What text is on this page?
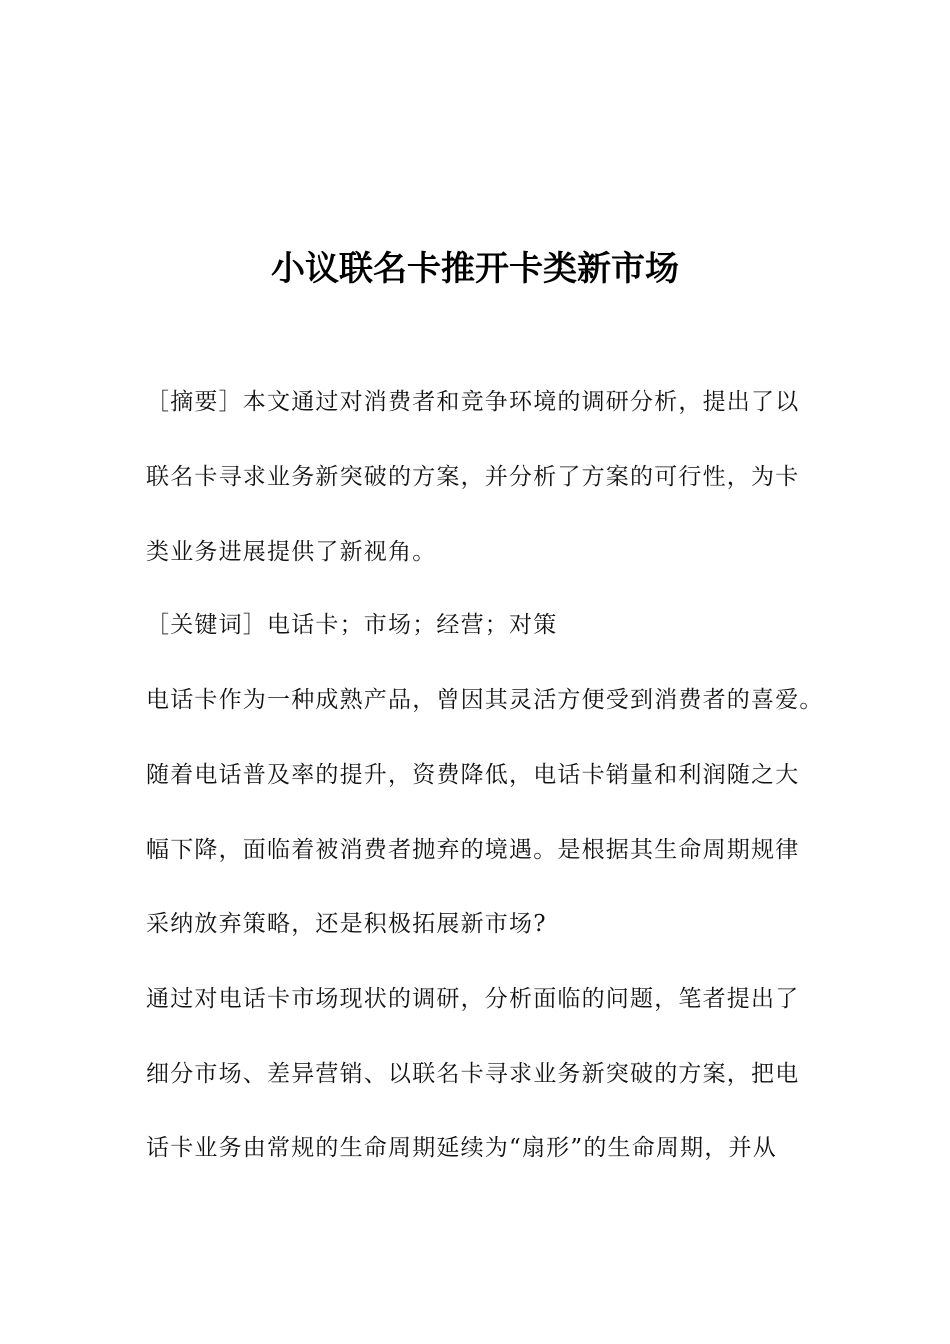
小议联名卡推开卡类新市场
［摘要］本文通过对消费者和竞争环境的调研分析，提出了以
联名卡寻求业务新突破的方案，并分析了方案的可行性，为卡
类业务进展提供了新视角。
［关键词］电话卡；市场；经营；对策
电话卡作为一种成熟产品，曾因其灵活方便受到消费者的喜爱。
随着电话普及率的提升，资费降低，电话卡销量和利润随之大
幅下降，面临着被消费者抛弃的境遇。是根据其生命周期规律
采纳放弃策略，还是积极拓展新市场?
通过对电话卡市场现状的调研，分析面临的问题，笔者提出了
细分市场、差异营销、以联名卡寻求业务新突破的方案，把电
话卡业务由常规的生命周期延续为“扇形”的生命周期，并从
